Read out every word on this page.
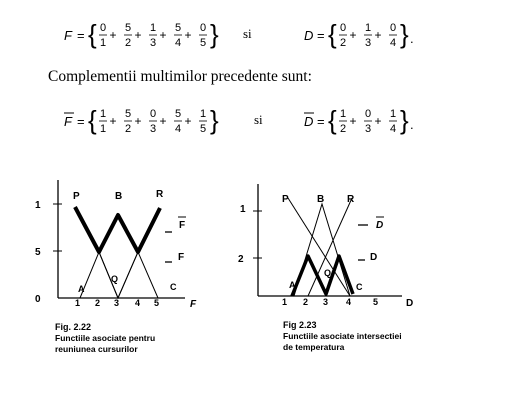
F = { 0
1
+ 5
2
+ 1
3
+ 5
4
+ 0
5 } si	D = { 0
2
+ 1
3
+ 0
4 } .
Complementii multimilor precedente sunt:
F = { 1
1
+ 5
2
+ 0
3
+ 5
4
+ 1
5 }	si	D = { 1
2
+ 0
3
+ 1
4 } .
1
5
0	1 2 3 4 5	F
P	B	R
A
Q
C
F
F
Fig. 2.22
Functiile asociate pentru
reuniunea cursurilor
1
2
1 2 3 4 5	D
P	B R
A
Q
C
D
D
Fig 2.23
Functiile asociate intersectiei
de temperatura
